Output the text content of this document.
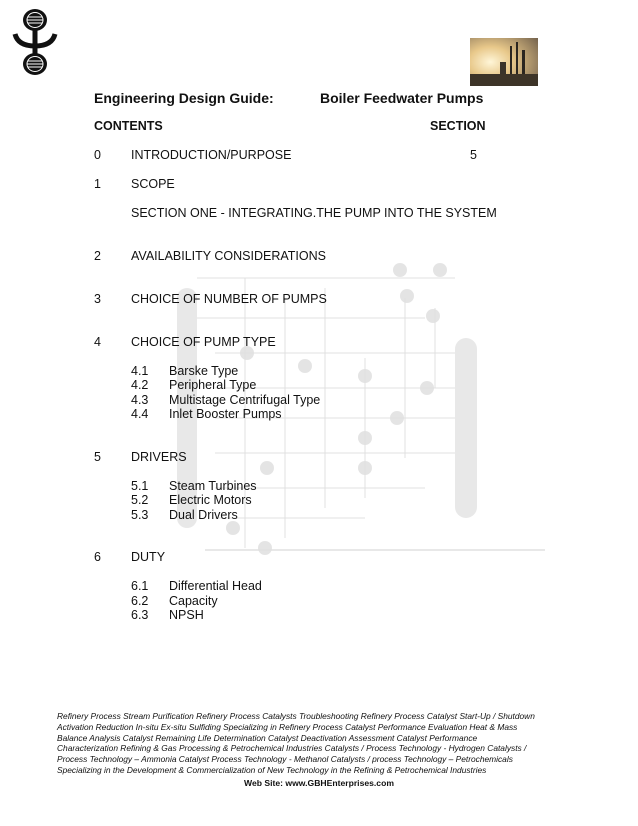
Engineering Design Guide:	Boiler Feedwater Pumps
CONTENTS	SECTION
0 INTRODUCTION/PURPOSE	5
1 SCOPE
SECTION ONE - INTEGRATING.THE PUMP INTO THE SYSTEM
2 AVAILABILITY CONSIDERATIONS
3 CHOICE OF NUMBER OF PUMPS
4 CHOICE OF PUMP TYPE
4.1 Barske Type
4.2 Peripheral Type
4.3 Multistage Centrifugal Type
4.4 Inlet Booster Pumps
5 DRIVERS
5.1 Steam Turbines
5.2 Electric Motors
5.3 Dual Drivers
6 DUTY
6.1 Differential Head
6.2 Capacity
6.3 NPSH
Refinery Process Stream Purification Refinery Process Catalysts Troubleshooting Refinery Process Catalyst Start-Up / Shutdown
Activation Reduction In-situ Ex-situ Sulfiding Specializing in Refinery Process Catalyst Performance Evaluation Heat & Mass
Balance Analysis Catalyst Remaining Life Determination Catalyst Deactivation Assessment Catalyst Performance
Characterization Refining & Gas Processing & Petrochemical Industries Catalysts / Process Technology - Hydrogen Catalysts /
Process Technology – Ammonia Catalyst Process Technology - Methanol Catalysts / process Technology – Petrochemicals
Specializing in the Development & Commercialization of New Technology in the Refining & Petrochemical Industries
Web Site: www.GBHEnterprises.com
